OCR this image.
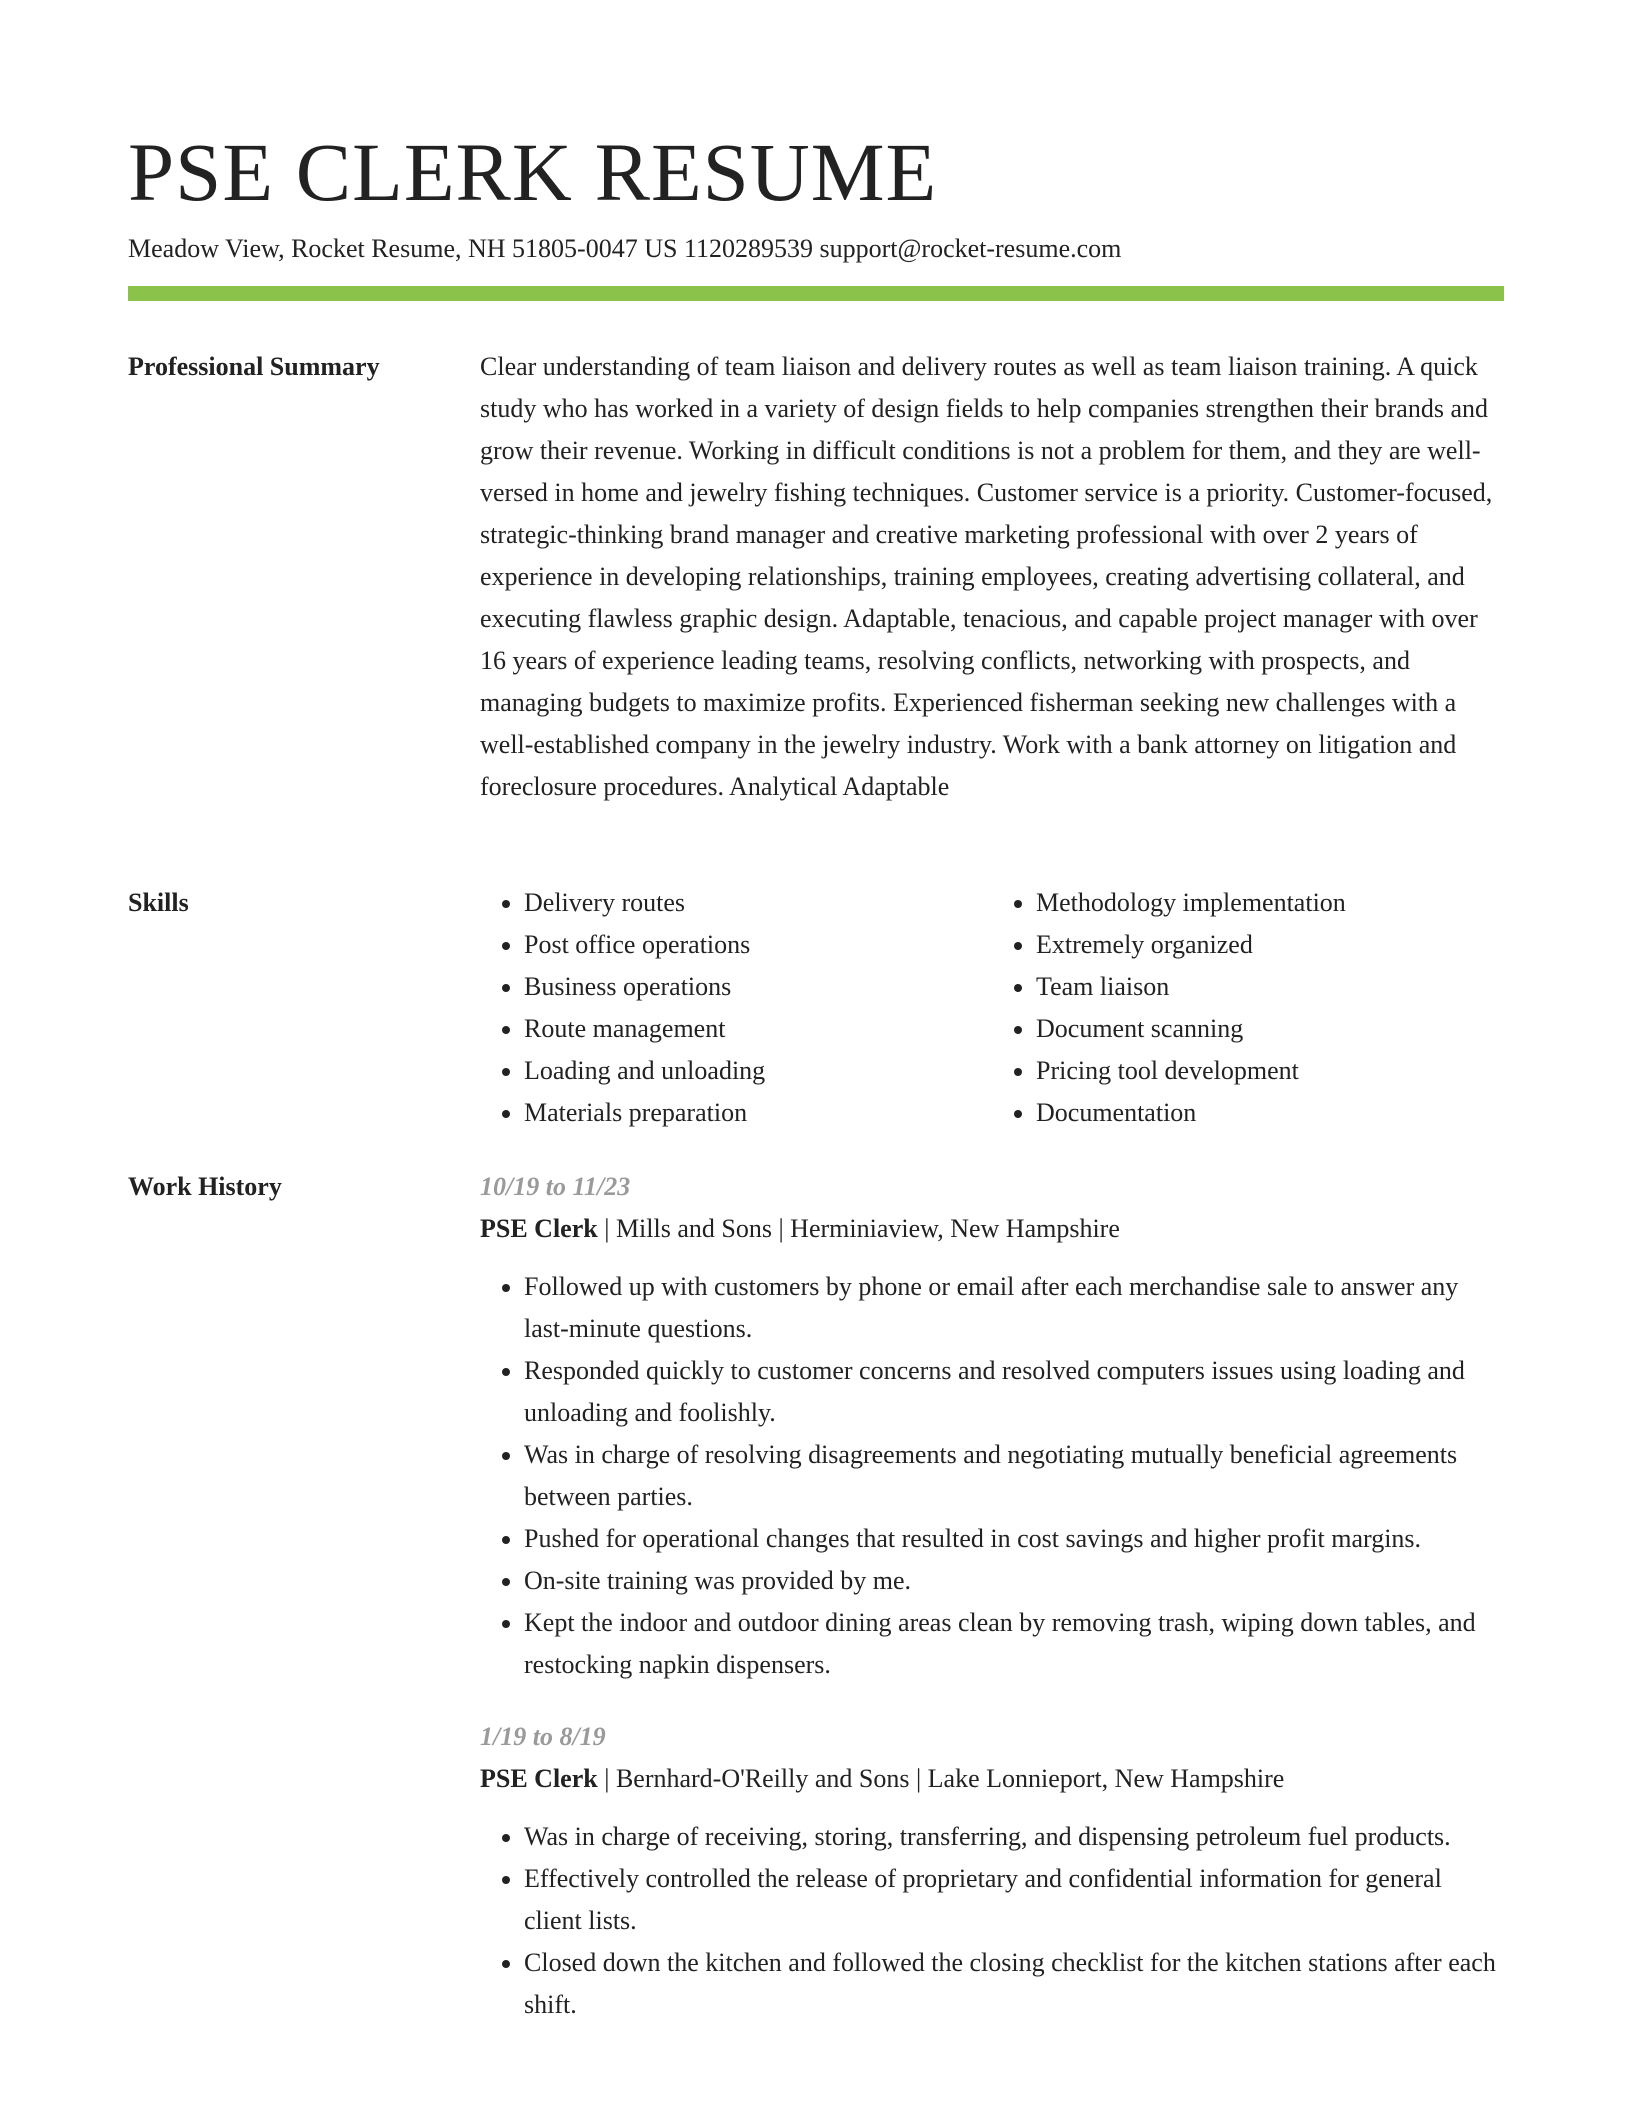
PSE CLERK RESUME
Meadow View, Rocket Resume, NH 51805-0047 US 1120289539 support@rocket-resume.com
Professional Summary	Clear understanding of team liaison and delivery routes as well as team liaison training. A quick study who has worked in a variety of design fields to help companies strengthen their brands and grow their revenue. Working in difficult conditions is not a problem for them, and they are well-versed in home and jewelry fishing techniques. Customer service is a priority. Customer-focused, strategic-thinking brand manager and creative marketing professional with over 2 years of experience in developing relationships, training employees, creating advertising collateral, and executing flawless graphic design. Adaptable, tenacious, and capable project manager with over 16 years of experience leading teams, resolving conflicts, networking with prospects, and managing budgets to maximize profits. Experienced fisherman seeking new challenges with a well-established company in the jewelry industry. Work with a bank attorney on litigation and foreclosure procedures. Analytical Adaptable

Skills
•	Delivery routes
• Post office operations
• Business operations
• Route management
• Loading and unloading
• Materials preparation
• Methodology implementation
• Extremely organized
• Team liaison
• Document scanning
• Pricing tool development
• Documentation
Work History	10/19 to 11/23
PSE Clerk | Mills and Sons | Herminiaview, New Hampshire
• Followed up with customers by phone or email after each merchandise sale to answer any last-minute questions.
• Responded quickly to customer concerns and resolved computers issues using loading and unloading and foolishly.
• Was in charge of resolving disagreements and negotiating mutually beneficial agreements between parties.
• Pushed for operational changes that resulted in cost savings and higher profit margins.
• On-site training was provided by me.
• Kept the indoor and outdoor dining areas clean by removing trash, wiping down tables, and restocking napkin dispensers.
1/19 to 8/19
PSE Clerk | Bernhard-O'Reilly and Sons | Lake Lonnieport, New Hampshire
• Was in charge of receiving, storing, transferring, and dispensing petroleum fuel products.
• Effectively controlled the release of proprietary and confidential information for general client lists.
• Closed down the kitchen and followed the closing checklist for the kitchen stations after each shift.
